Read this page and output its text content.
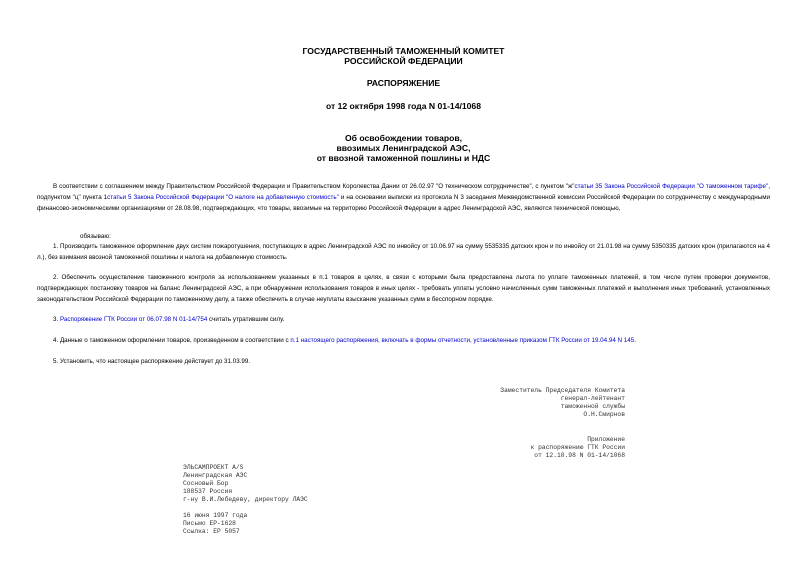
ГОСУДАРСТВЕННЫЙ ТАМОЖЕННЫЙ КОМИТЕТ
РОССИЙСКОЙ ФЕДЕРАЦИИ
РАСПОРЯЖЕНИЕ
от 12 октября 1998 года N 01-14/1068
Об освобождении товаров,
ввозимых Ленинградской АЭС,
от ввозной таможенной пошлины и НДС

В соответствии с соглашением между Правительством Российской Федерации и Правительством Королевства Дании от 26.02.97 "О техническом сотрудничестве", с пунктом "ж"статьи 35 Закона Российской Федерации "О таможенном тарифе", подпунктом "ц" пункта 1статьи 5 Закона Российской Федерации "О налоге на добавленную стоимость" и на основании выписки из протокола N 3 заседания Межведомственной комиссии Российской Федерации по сотрудничеству с международными финансово-экономическими организациями от 28.08.98, подтверждающих, что товары, ввозимые на территорию Российской Федерации в адрес Ленинградской АЭС, являются технической помощью,

обязываю:

1. Производить таможенное оформление двух систем пожаротушения, поступающих в адрес Ленинградской АЭС по инвойсу от 10.06.97 на сумму 5535335 датских крон и по инвойсу от 21.01.98 на сумму 5350335 датских крон (прилагаются на 4 л.), без взимания ввозной таможенной пошлины и налога на добавленную стоимость.

2. Обеспечить осуществление таможенного контроля за использованием указанных в п.1 товаров в целях, в связи с которыми была предоставлена льгота по уплате таможенных платежей, в том числе путем проверки документов, подтверждающих постановку товаров на баланс Ленинградской АЭС, а при обнаружении использования товаров в иных целях - требовать уплаты условно начисленных сумм таможенных платежей и выполнения иных требований, установленных законодательством Российской Федерации по таможенному делу, а также обеспечить в случае неуплаты взыскание указанных сумм в бесспорном порядке.

3. Распоряжение ГТК России от 06.07.98 N 01-14/754 считать утратившим силу.

4. Данные о таможенном оформлении товаров, произведенном в соответствии с п.1 настоящего распоряжения, включать в формы отчетности, установленные приказом ГТК России от 19.04.94 N 145.

5. Установить, что настоящее распоряжение действует до 31.03.99.

Заместитель Председателя Комитета
генерал-лейтенант
таможенной службы
О.Н.Смирнов
Приложение
к распоряжению ГТК России
от 12.10.98 N 01-14/1068
ЭЛЬСАМПРОЕКТ А/S
Ленинградская АЭС
Сосновый Бор
188537 Россия
г-ну В.И.Лебедеву, директору ЛАЭС
16 июня 1997 года
Письмо ЕР-1628
Ссылка: ЕР 5057
